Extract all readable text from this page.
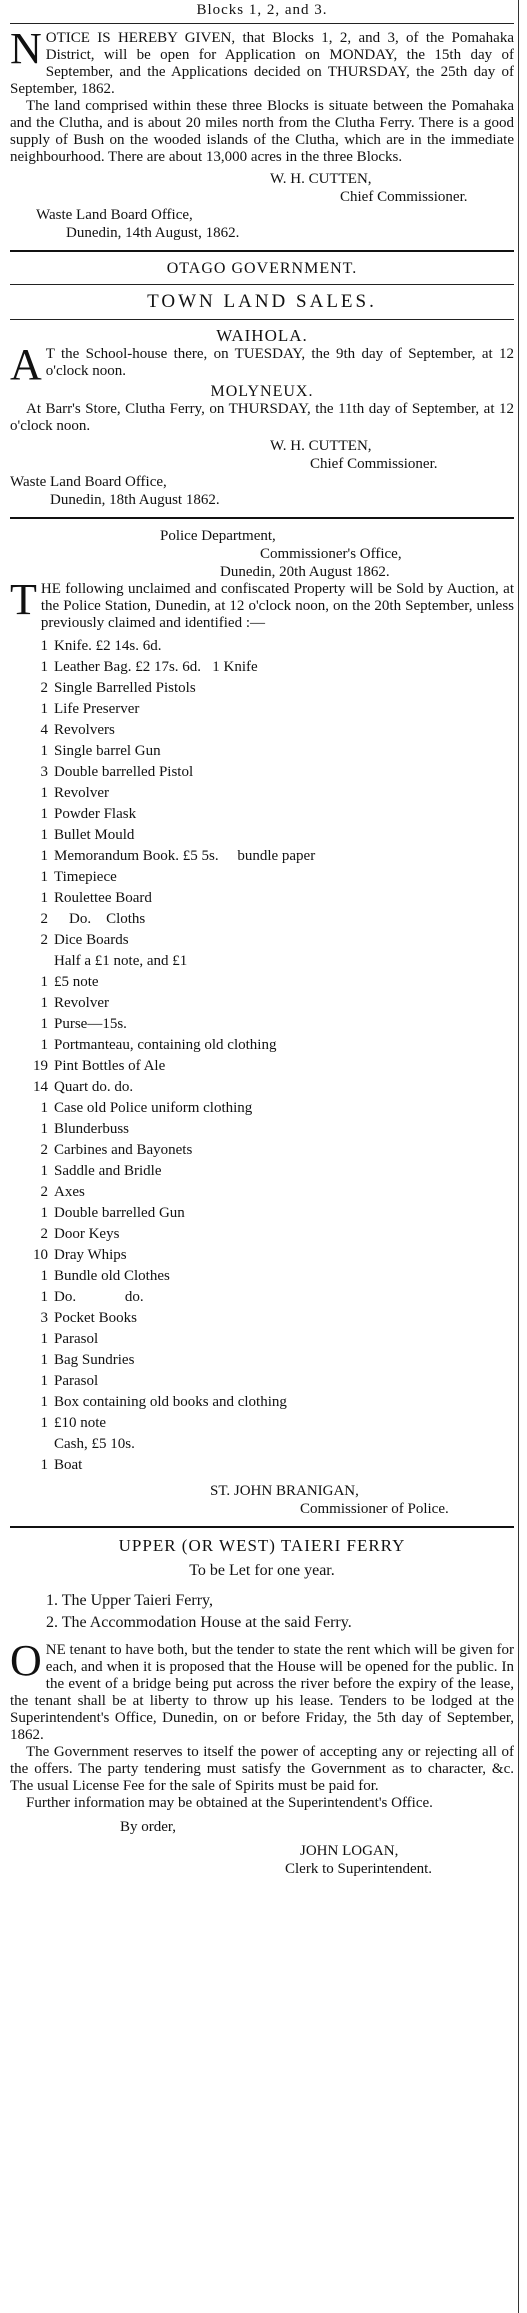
Blocks 1, 2, and 3.

N OTICE IS HEREBY GIVEN, that Blocks 1, 2, and 3, of the Pomahaka District, will be open for Application on MONDAY, the 15th day of September, and the Applications decided on THURSDAY, the 25th day of September, 1862.

The land comprised within these three Blocks is situate between the Pomahaka and the Clutha, and is about 20 miles north from the Clutha Ferry. There is a good supply of Bush on the wooded islands of the Clutha, which are in the immediate neighbourhood. There are about 13,000 acres in the three Blocks.

W. H. CUTTEN,
Chief Commissioner.
Waste Land Board Office,
Dunedin, 14th August, 1862.
OTAGO GOVERNMENT.
TOWN LAND SALES.
WAIHOLA.

A T the School-house there, on TUESDAY, the 9th day of September, at 12 o'clock noon.

MOLYNEUX.

At Barr's Store, Clutha Ferry, on THURSDAY, the 11th day of September, at 12 o'clock noon.

W. H. CUTTEN,
Chief Commissioner.
Waste Land Board Office,
Dunedin, 18th August 1862.
Police Department,
Commissioner's Office,
Dunedin, 20th August 1862.

T HE following unclaimed and confiscated Property will be Sold by Auction, at the Police Station, Dunedin, at 12 o'clock noon, on the 20th September, unless previously claimed and identified :—

1 Knife. £2 14s. 6d.
1 Leather Bag. £2 17s. 6d.   1 Knife
2 Single Barrelled Pistols
1 Life Preserver
4 Revolvers
1 Single barrel Gun
3 Double barrelled Pistol
1 Revolver
1 Powder Flask
1 Bullet Mould
1 Memorandum Book. £5 5s.     bundle paper
1 Timepiece
1 Roulettee Board
2    Do.    Cloths
2 Dice Boards
Half a £1 note, and £1
1 £5 note
1 Revolver
1 Purse—15s.
1 Portmanteau, containing old clothing
19 Pint Bottles of Ale
14 Quart do. do.
1 Case old Police uniform clothing
1 Blunderbuss
2 Carbines and Bayonets
1 Saddle and Bridle
2 Axes
1 Double barrelled Gun
2 Door Keys
10 Dray Whips
1 Bundle old Clothes
1 Do.             do.
3 Pocket Books
1 Parasol
1 Bag Sundries
1 Parasol
1 Box containing old books and clothing
1 £10 note
Cash, £5 10s.
1 Boat
ST. JOHN BRANIGAN,
Commissioner of Police.
UPPER (OR WEST) TAIERI FERRY
To be Let for one year.
1. The Upper Taieri Ferry,
2. The Accommodation House at the said Ferry.

O NE tenant to have both, but the tender to state the rent which will be given for each, and when it is proposed that the House will be opened for the public. In the event of a bridge being put across the river before the expiry of the lease, the tenant shall be at liberty to throw up his lease. Tenders to be lodged at the Superintendent's Office, Dunedin, on or before Friday, the 5th day of September, 1862.

The Government reserves to itself the power of accepting any or rejecting all of the offers. The party tendering must satisfy the Government as to character, &c. The usual License Fee for the sale of Spirits must be paid for.

Further information may be obtained at the Superintendent's Office.

By order,
JOHN LOGAN,
Clerk to Superintendent.
